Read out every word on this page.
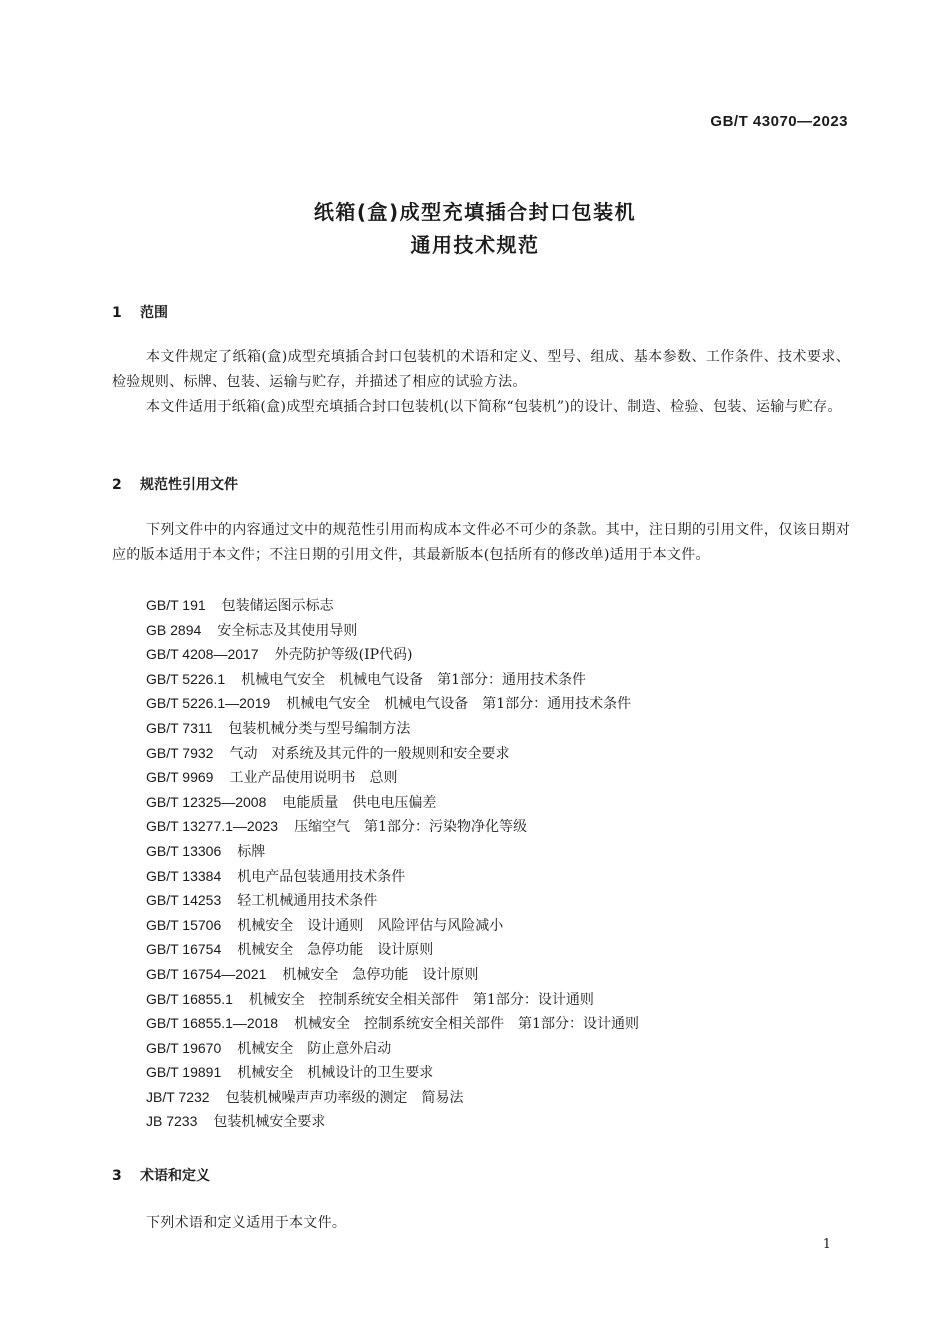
GB/T 43070—2023
纸箱(盒)成型充填插合封口包装机
通用技术规范
1 范围

本文件规定了纸箱(盒)成型充填插合封口包装机的术语和定义、型号、组成、基本参数、工作条件、技术要求、检验规则、标牌、包装、运输与贮存，并描述了相应的试验方法。

本文件适用于纸箱(盒)成型充填插合封口包装机(以下简称“包装机”)的设计、制造、检验、包装、运输与贮存。

2 规范性引用文件

下列文件中的内容通过文中的规范性引用而构成本文件必不可少的条款。其中，注日期的引用文件，仅该日期对应的版本适用于本文件；不注日期的引用文件，其最新版本(包括所有的修改单)适用于本文件。

GB/T 191 包装储运图示标志
GB 2894 安全标志及其使用导则
GB/T 4208—2017 外壳防护等级(IP代码)
GB/T 5226.1 机械电气安全　机械电气设备　第1部分：通用技术条件
GB/T 5226.1—2019 机械电气安全　机械电气设备　第1部分：通用技术条件
GB/T 7311 包装机械分类与型号编制方法
GB/T 7932 气动　对系统及其元件的一般规则和安全要求
GB/T 9969 工业产品使用说明书　总则
GB/T 12325—2008 电能质量　供电电压偏差
GB/T 13277.1—2023 压缩空气　第1部分：污染物净化等级
GB/T 13306 标牌
GB/T 13384 机电产品包装通用技术条件
GB/T 14253 轻工机械通用技术条件
GB/T 15706 机械安全　设计通则　风险评估与风险减小
GB/T 16754 机械安全　急停功能　设计原则
GB/T 16754—2021 机械安全　急停功能　设计原则
GB/T 16855.1 机械安全　控制系统安全相关部件　第1部分：设计通则
GB/T 16855.1—2018 机械安全　控制系统安全相关部件　第1部分：设计通则
GB/T 19670 机械安全　防止意外启动
GB/T 19891 机械安全　机械设计的卫生要求
JB/T 7232 包装机械噪声声功率级的测定　简易法
JB 7233 包装机械安全要求
3 术语和定义

下列术语和定义适用于本文件。

1
